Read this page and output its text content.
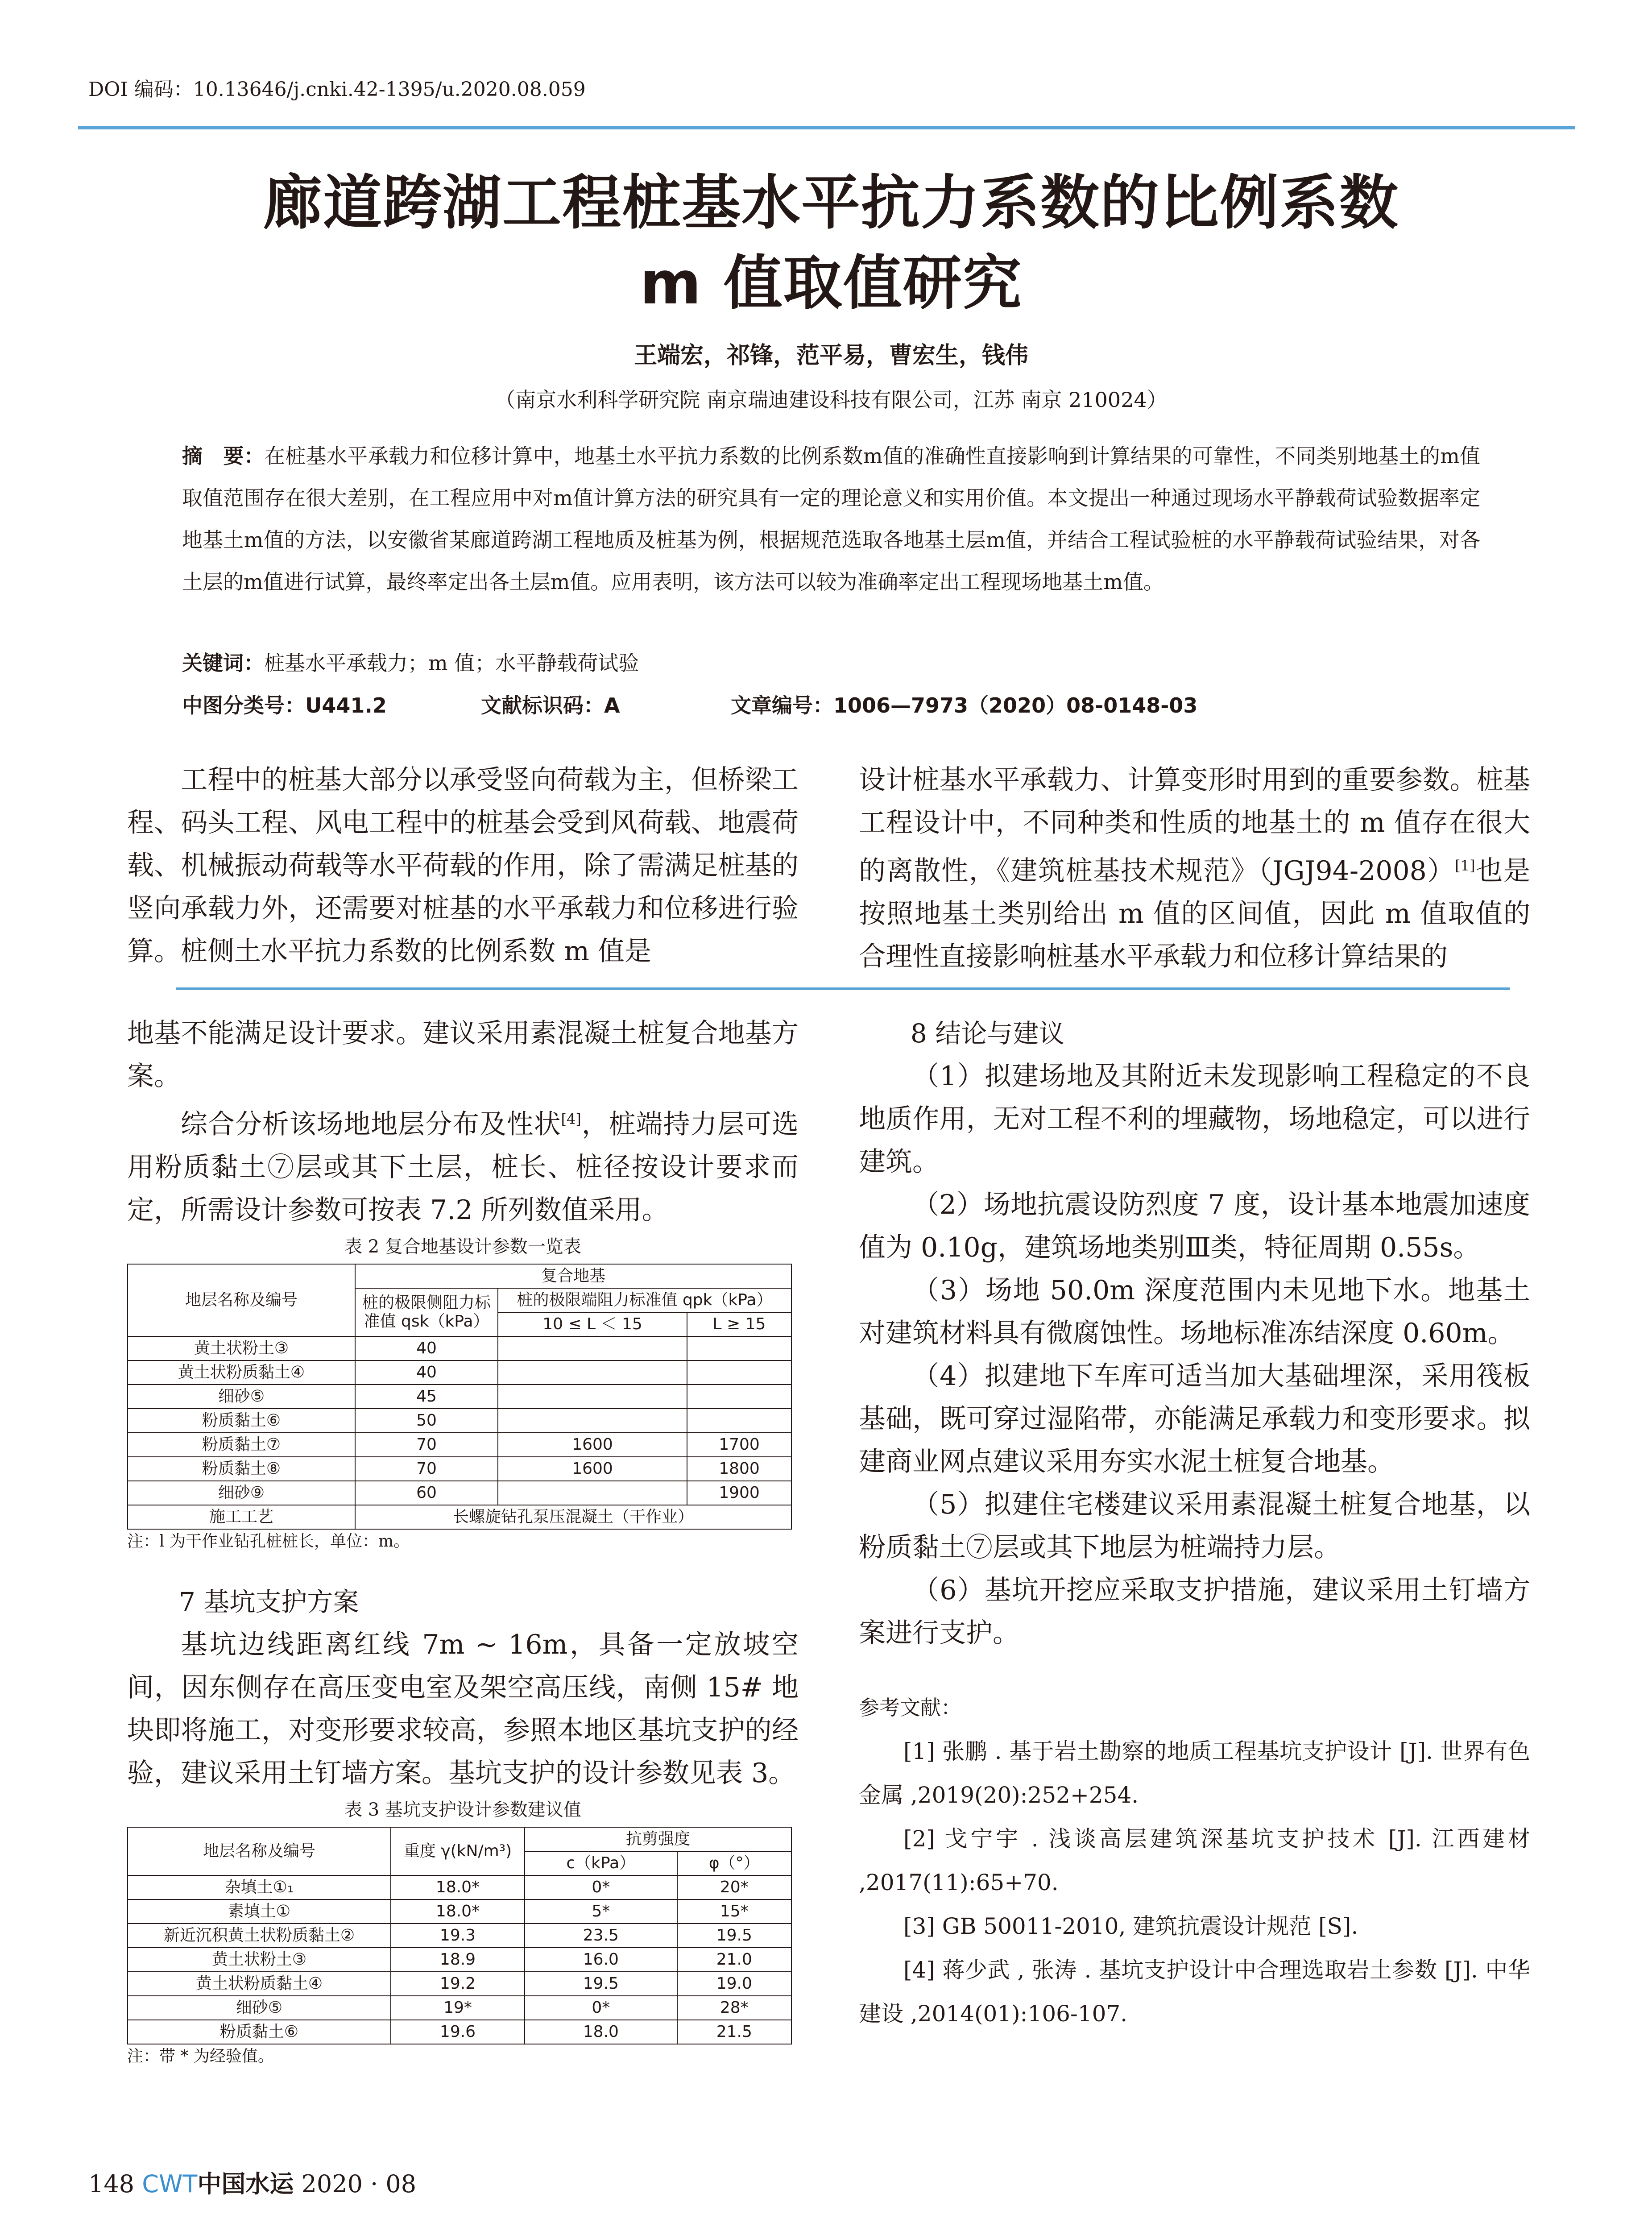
DOI 编码：10.13646/j.cnki.42-1395/u.2020.08.059
廊道跨湖工程桩基水平抗力系数的比例系数
m 值取值研究
王端宏，祁锋，范平易，曹宏生，钱伟
（南京水利科学研究院 南京瑞迪建设科技有限公司，江苏 南京 210024）
摘　要：在桩基水平承载力和位移计算中，地基土水平抗力系数的比例系数m值的准确性直接影响到计算结果的可靠性，不同类别地基土的m值取值范围存在很大差别，在工程应用中对m值计算方法的研究具有一定的理论意义和实用价值。本文提出一种通过现场水平静载荷试验数据率定地基土m值的方法，以安徽省某廊道跨湖工程地质及桩基为例，根据规范选取各地基土层m值，并结合工程试验桩的水平静载荷试验结果，对各土层的m值进行试算，最终率定出各土层m值。应用表明，该方法可以较为准确率定出工程现场地基土m值。
关键词：桩基水平承载力；m 值；水平静载荷试验
中图分类号：U441.2	文献标识码：A	文章编号：1006—7973（2020）08-0148-03

工程中的桩基大部分以承受竖向荷载为主，但桥梁工程、码头工程、风电工程中的桩基会受到风荷载、地震荷载、机械振动荷载等水平荷载的作用，除了需满足桩基的竖向承载力外，还需要对桩基的水平承载力和位移进行验算。桩侧土水平抗力系数的比例系数 m 值是

设计桩基水平承载力、计算变形时用到的重要参数。桩基工程设计中，不同种类和性质的地基土的 m 值存在很大的离散性，《建筑桩基技术规范》（JGJ94-2008）[1]也是按照地基土类别给出 m 值的区间值，因此 m 值取值的合理性直接影响桩基水平承载力和位移计算结果的

地基不能满足设计要求。建议采用素混凝土桩复合地基方案。

综合分析该场地地层分布及性状[4]，桩端持力层可选用粉质黏土⑦层或其下土层，桩长、桩径按设计要求而定，所需设计参数可按表 7.2 所列数值采用。

表 2 复合地基设计参数一览表
地层名称及编号	复合地基		
	桩的极限侧阻力标准值 qsk（kPa）	桩的极限端阻力标准值 qpk（kPa）	
		10 ≤ L ＜ 15	L ≥ 15
黄土状粉土③	40		
黄土状粉质黏土④	40		
细砂⑤	45		
粉质黏土⑥	50		
粉质黏土⑦	70	1600	1700
粉质黏土⑧	70	1600	1800
细砂⑨	60		1900
施工工艺	长螺旋钻孔泵压混凝土（干作业）		

注：l 为干作业钻孔桩桩长，单位：m。

7 基坑支护方案

基坑边线距离红线 7m ~ 16m，具备一定放坡空间，因东侧存在高压变电室及架空高压线，南侧 15# 地块即将施工，对变形要求较高，参照本地区基坑支护的经验，建议采用土钉墙方案。基坑支护的设计参数见表 3。

表 3 基坑支护设计参数建议值
地层名称及编号	重度 γ(kN/m³)	抗剪强度	
		c（kPa）	φ（°）
杂填土①₁	18.0*	0*	20*
素填土①	18.0*	5*	15*
新近沉积黄土状粉质黏土②	19.3	23.5	19.5
黄土状粉土③	18.9	16.0	21.0
黄土状粉质黏土④	19.2	19.5	19.0
细砂⑤	19*	0*	28*
粉质黏土⑥	19.6	18.0	21.5

注：带 * 为经验值。

8 结论与建议

（1）拟建场地及其附近未发现影响工程稳定的不良地质作用，无对工程不利的埋藏物，场地稳定，可以进行建筑。

（2）场地抗震设防烈度 7 度，设计基本地震加速度值为 0.10g，建筑场地类别Ⅲ类，特征周期 0.55s。

（3）场地 50.0m 深度范围内未见地下水。地基土对建筑材料具有微腐蚀性。场地标准冻结深度 0.60m。

（4）拟建地下车库可适当加大基础埋深，采用筏板基础，既可穿过湿陷带，亦能满足承载力和变形要求。拟建商业网点建议采用夯实水泥土桩复合地基。

（5）拟建住宅楼建议采用素混凝土桩复合地基，以粉质黏土⑦层或其下地层为桩端持力层。

（6）基坑开挖应采取支护措施，建议采用土钉墙方案进行支护。

参考文献：

[1] 张鹏 . 基于岩土勘察的地质工程基坑支护设计 [J]. 世界有色金属 ,2019(20):252+254.

[2] 戈宁宇 . 浅谈高层建筑深基坑支护技术 [J]. 江西建材 ,2017(11):65+70.

[3] GB 50011-2010, 建筑抗震设计规范 [S].

[4] 蒋少武 , 张涛 . 基坑支护设计中合理选取岩土参数 [J]. 中华建设 ,2014(01):106-107.

148 CWT中国水运 2020 · 08
